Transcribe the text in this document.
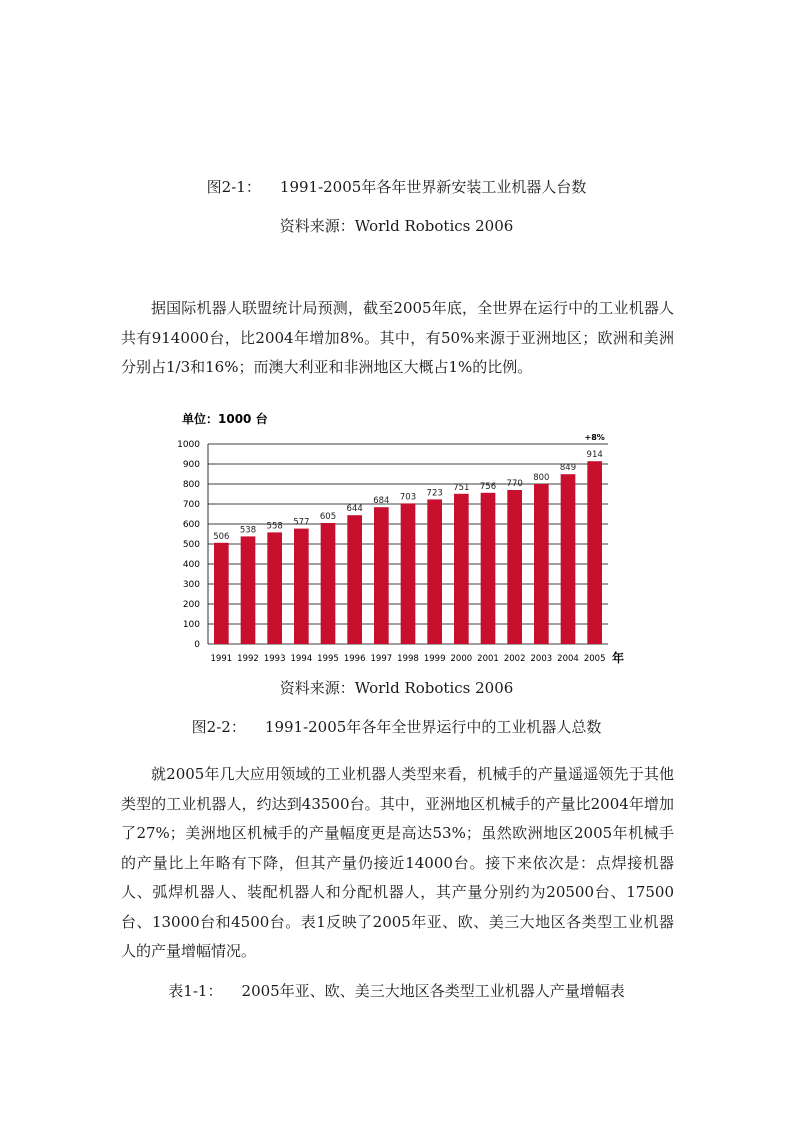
图2-1：    1991-2005年各年世界新安装工业机器人台数

资料来源：World Robotics 2006

据国际机器人联盟统计局预测，截至2005年底，全世界在运行中的工业机器人共有914000台，比2004年增加8%。其中，有50%来源于亚洲地区；欧洲和美洲分别占1/3和16%；而澳大利亚和非洲地区大概占1%的比例。

0
100
200
300
400
500
600
700
800
900
1000
506
1991
538
1992
558
1993
577
1994
605
1995
644
1996
684
1997
703
1998
723
1999
751
2000
756
2001
770
2002
800
2003
849
2004
914
2005 年
+8%
单位：1000 台

资料来源：World Robotics 2006

图2-2：    1991-2005年各年全世界运行中的工业机器人总数

就2005年几大应用领域的工业机器人类型来看，机械手的产量遥遥领先于其他类型的工业机器人，约达到43500台。其中，亚洲地区机械手的产量比2004年增加了27%；美洲地区机械手的产量幅度更是高达53%；虽然欧洲地区2005年机械手的产量比上年略有下降，但其产量仍接近14000台。接下来依次是：点焊接机器人、弧焊机器人、装配机器人和分配机器人，其产量分别约为20500台、17500台、13000台和4500台。表1反映了2005年亚、欧、美三大地区各类型工业机器人的产量增幅情况。

表1-1：    2005年亚、欧、美三大地区各类型工业机器人产量增幅表
